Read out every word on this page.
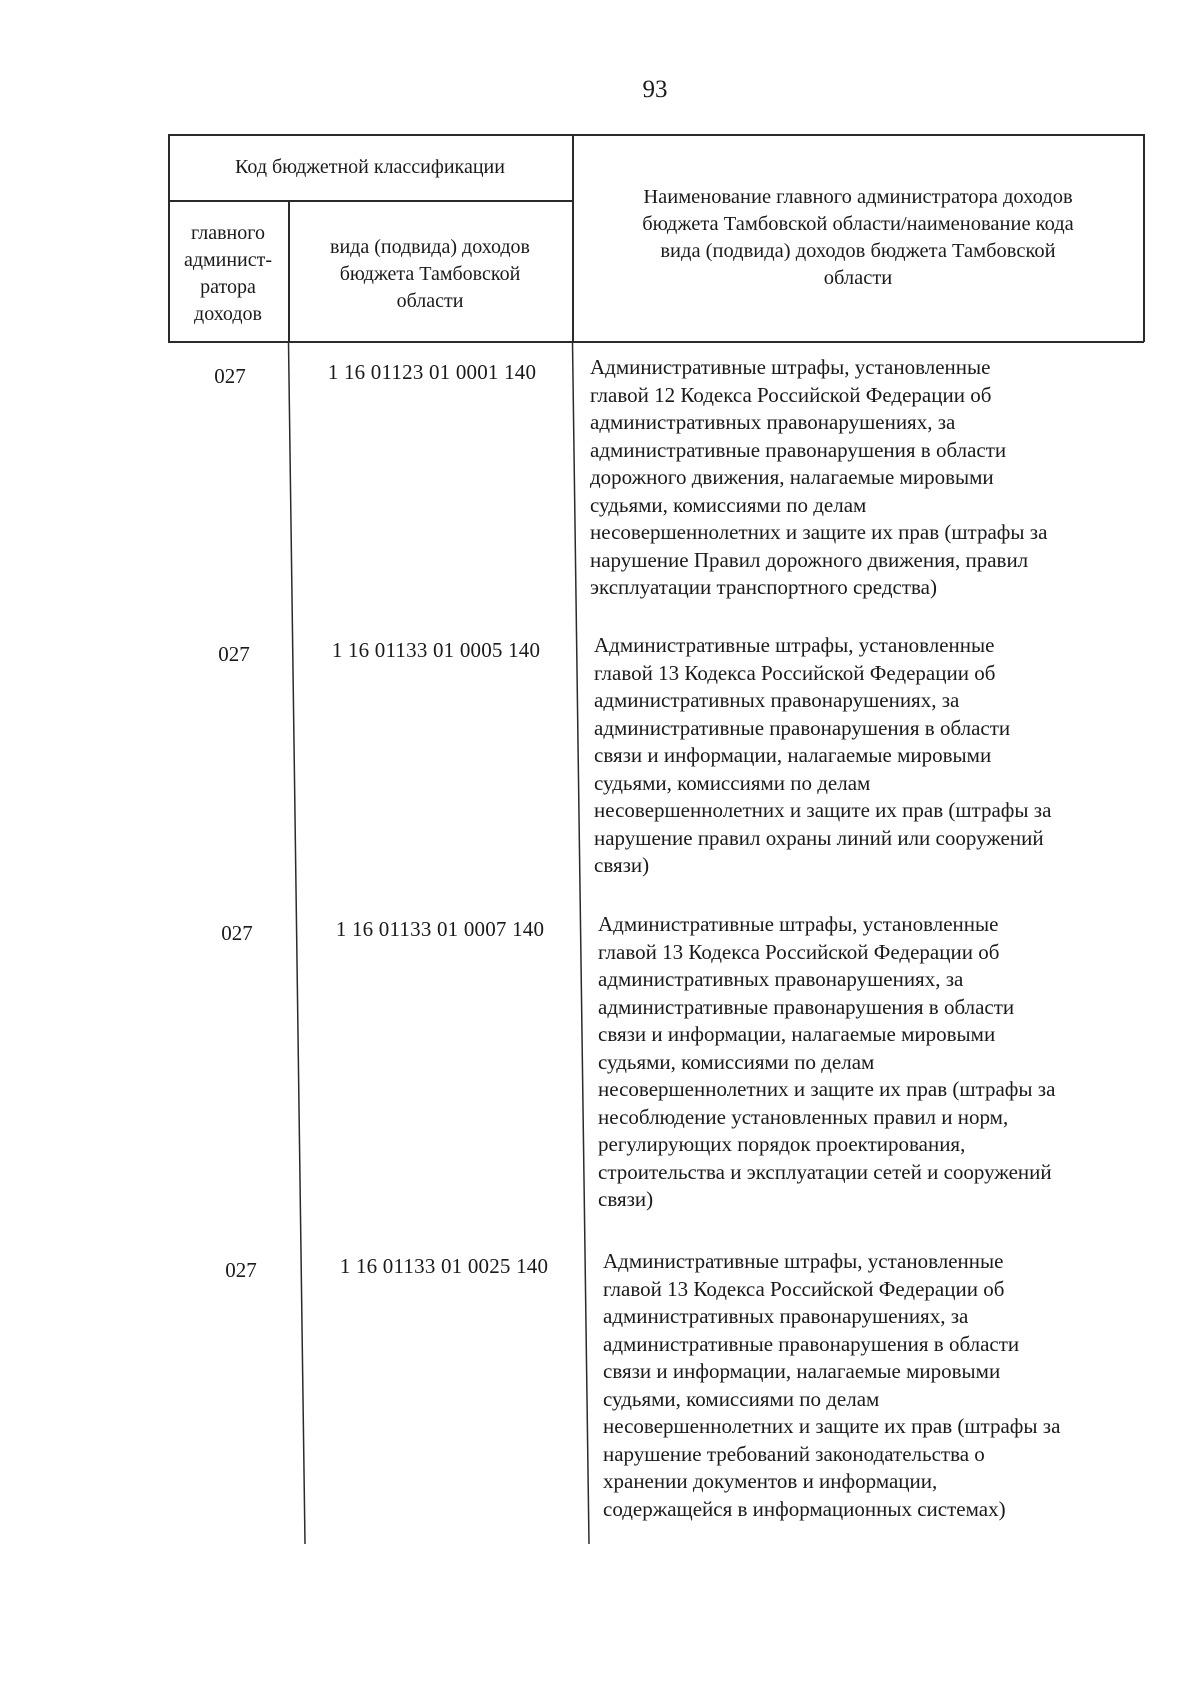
93
Код бюджетной классификации
главного
админист-
ратора
доходов
вида (подвида) доходов
бюджета Тамбовской
области
Наименование главного администратора доходов
бюджета Тамбовской области/наименование кода
вида (подвида) доходов бюджета Тамбовской
области
027	1 16 01123 01 0001 140	Административные штрафы, установленные
главой 12 Кодекса Российской Федерации об
административных правонарушениях, за
административные правонарушения в области
дорожного движения, налагаемые мировыми
судьями, комиссиями по делам
несовершеннолетних и защите их прав (штрафы за
нарушение Правил дорожного движения, правил
эксплуатации транспортного средства)
027	1 16 01133 01 0005 140	Административные штрафы, установленные
главой 13 Кодекса Российской Федерации об
административных правонарушениях, за
административные правонарушения в области
связи и информации, налагаемые мировыми
судьями, комиссиями по делам
несовершеннолетних и защите их прав (штрафы за
нарушение правил охраны линий или сооружений
связи)
027	1 16 01133 01 0007 140	Административные штрафы, установленные
главой 13 Кодекса Российской Федерации об
административных правонарушениях, за
административные правонарушения в области
связи и информации, налагаемые мировыми
судьями, комиссиями по делам
несовершеннолетних и защите их прав (штрафы за
несоблюдение установленных правил и норм,
регулирующих порядок проектирования,
строительства и эксплуатации сетей и сооружений
связи)
027	1 16 01133 01 0025 140	Административные штрафы, установленные
главой 13 Кодекса Российской Федерации об
административных правонарушениях, за
административные правонарушения в области
связи и информации, налагаемые мировыми
судьями, комиссиями по делам
несовершеннолетних и защите их прав (штрафы за
нарушение требований законодательства о
хранении документов и информации,
содержащейся в информационных системах)
